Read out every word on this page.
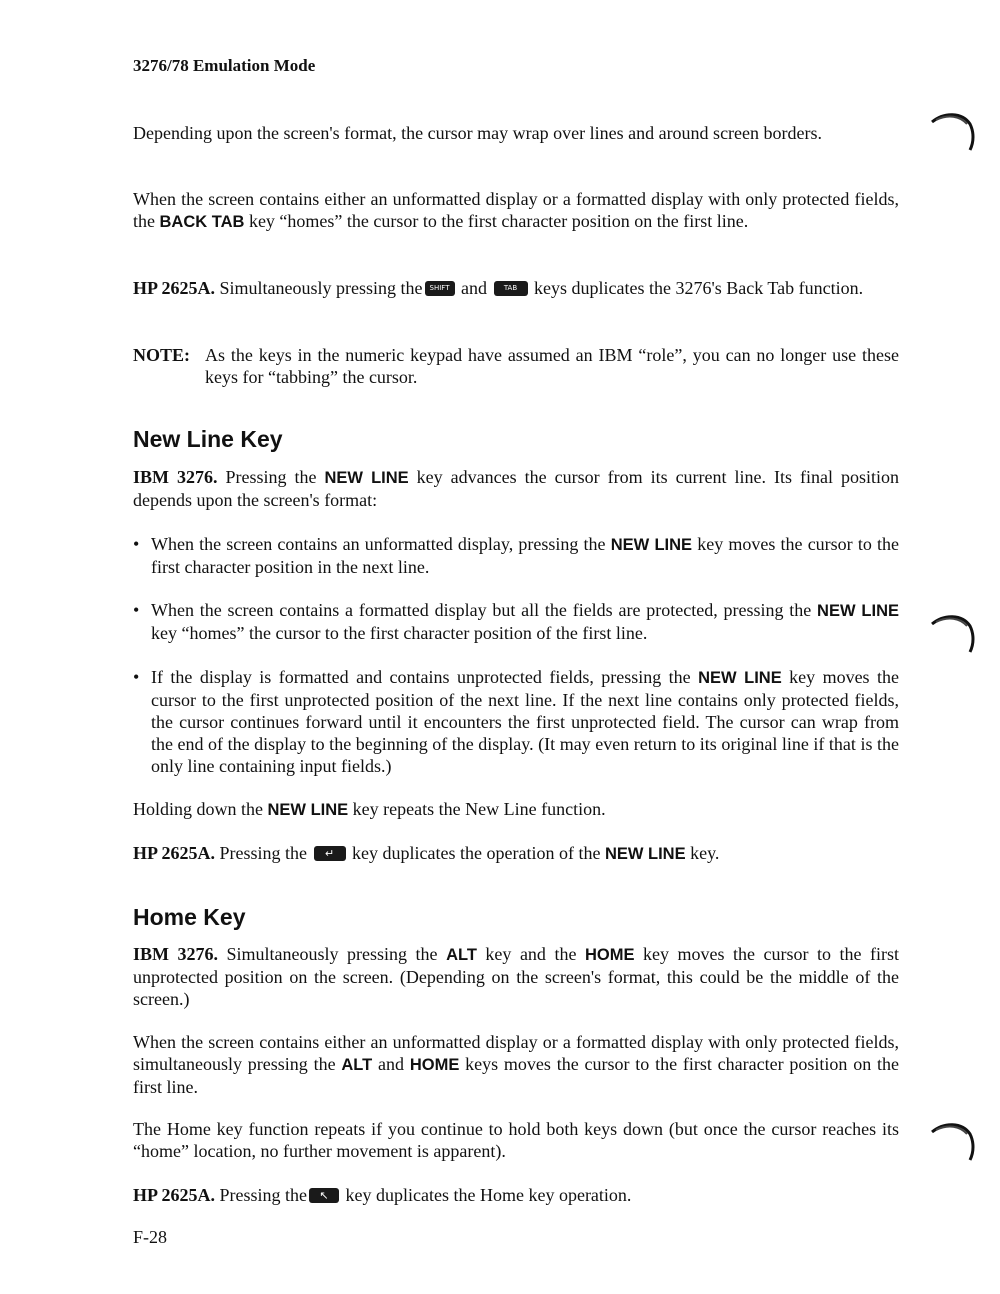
3276/78 Emulation Mode
Depending upon the screen's format, the cursor may wrap over lines and around screen borders.
When the screen contains either an unformatted display or a formatted display with only protected fields, the BACK TAB key “homes” the cursor to the first character position on the first line.
HP 2625A. Simultaneously pressing the SHIFT and TAB keys duplicates the 3276's Back Tab function.
NOTE: As the keys in the numeric keypad have assumed an IBM “role”, you can no longer use these keys for “tabbing” the cursor.
New Line Key
IBM 3276. Pressing the NEW LINE key advances the cursor from its current line. Its final position depends upon the screen's format:
• When the screen contains an unformatted display, pressing the NEW LINE key moves the cursor to the first character position in the next line.
• When the screen contains a formatted display but all the fields are protected, pressing the NEW LINE key “homes” the cursor to the first character position of the first line.
• If the display is formatted and contains unprotected fields, pressing the NEW LINE key moves the cursor to the first unprotected position of the next line. If the next line contains only protected fields, the cursor continues forward until it encounters the first unprotected field. The cursor can wrap from the end of the display to the beginning of the display. (It may even return to its original line if that is the only line containing input fields.)
Holding down the NEW LINE key repeats the New Line function.
HP 2625A. Pressing the ↵ key duplicates the operation of the NEW LINE key.
Home Key
IBM 3276. Simultaneously pressing the ALT key and the HOME key moves the cursor to the first unprotected position on the screen. (Depending on the screen's format, this could be the middle of the screen.)
When the screen contains either an unformatted display or a formatted display with only protected fields, simultaneously pressing the ALT and HOME keys moves the cursor to the first character position on the first line.
The Home key function repeats if you continue to hold both keys down (but once the cursor reaches its “home” location, no further movement is apparent).
HP 2625A. Pressing the ↖ key duplicates the Home key operation.
F-28
